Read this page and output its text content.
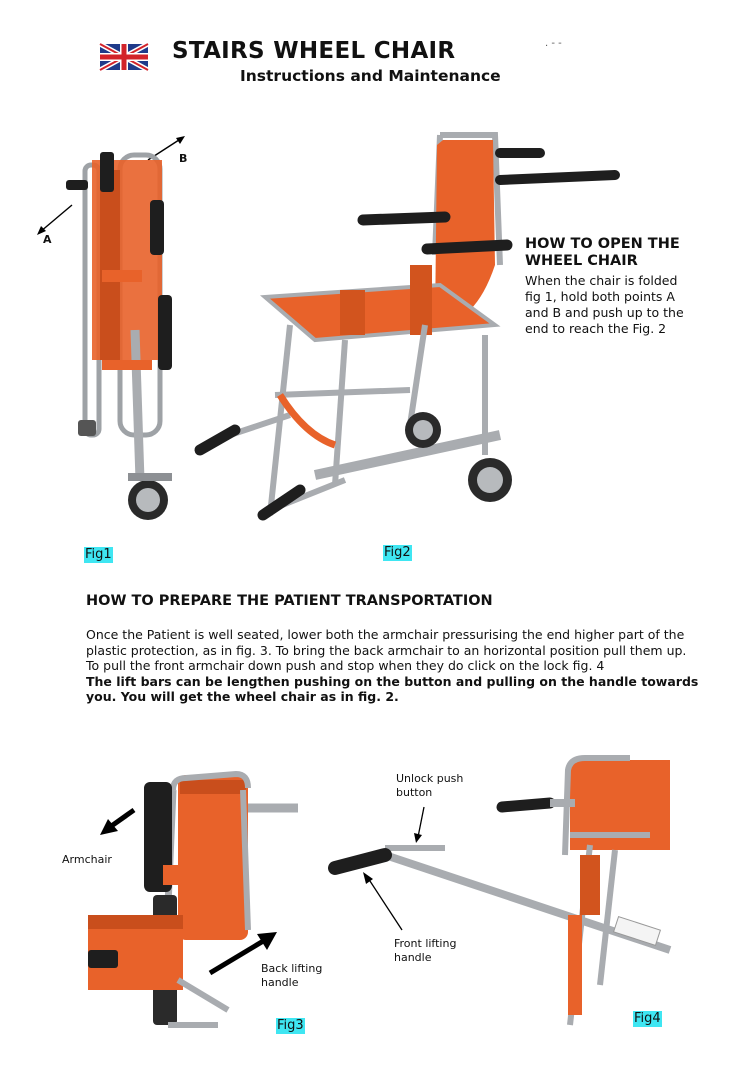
STAIRS WHEEL CHAIR
Instructions and Maintenance
. - -
A
B
Fig1	Fig2
HOW TO OPEN THE
WHEEL CHAIR
When the chair is folded
fig 1, hold both points A
and B and push up to the
end to reach the Fig. 2
HOW TO PREPARE THE PATIENT TRANSPORTATION

Once the Patient is well seated, lower both the armchair pressurising the end higher part of the plastic protection, as in fig. 3. To bring the back armchair to an horizontal position pull them up.

To pull the front armchair down push and stop when they do click on the lock fig. 4

The lift bars can be lengthen pushing on the button and pulling on the handle towards you. You will get the wheel chair as in fig. 2.

Armchair
Back lifting
handle
Fig3
Unlock push
button
Front lifting
handle
Fig4
